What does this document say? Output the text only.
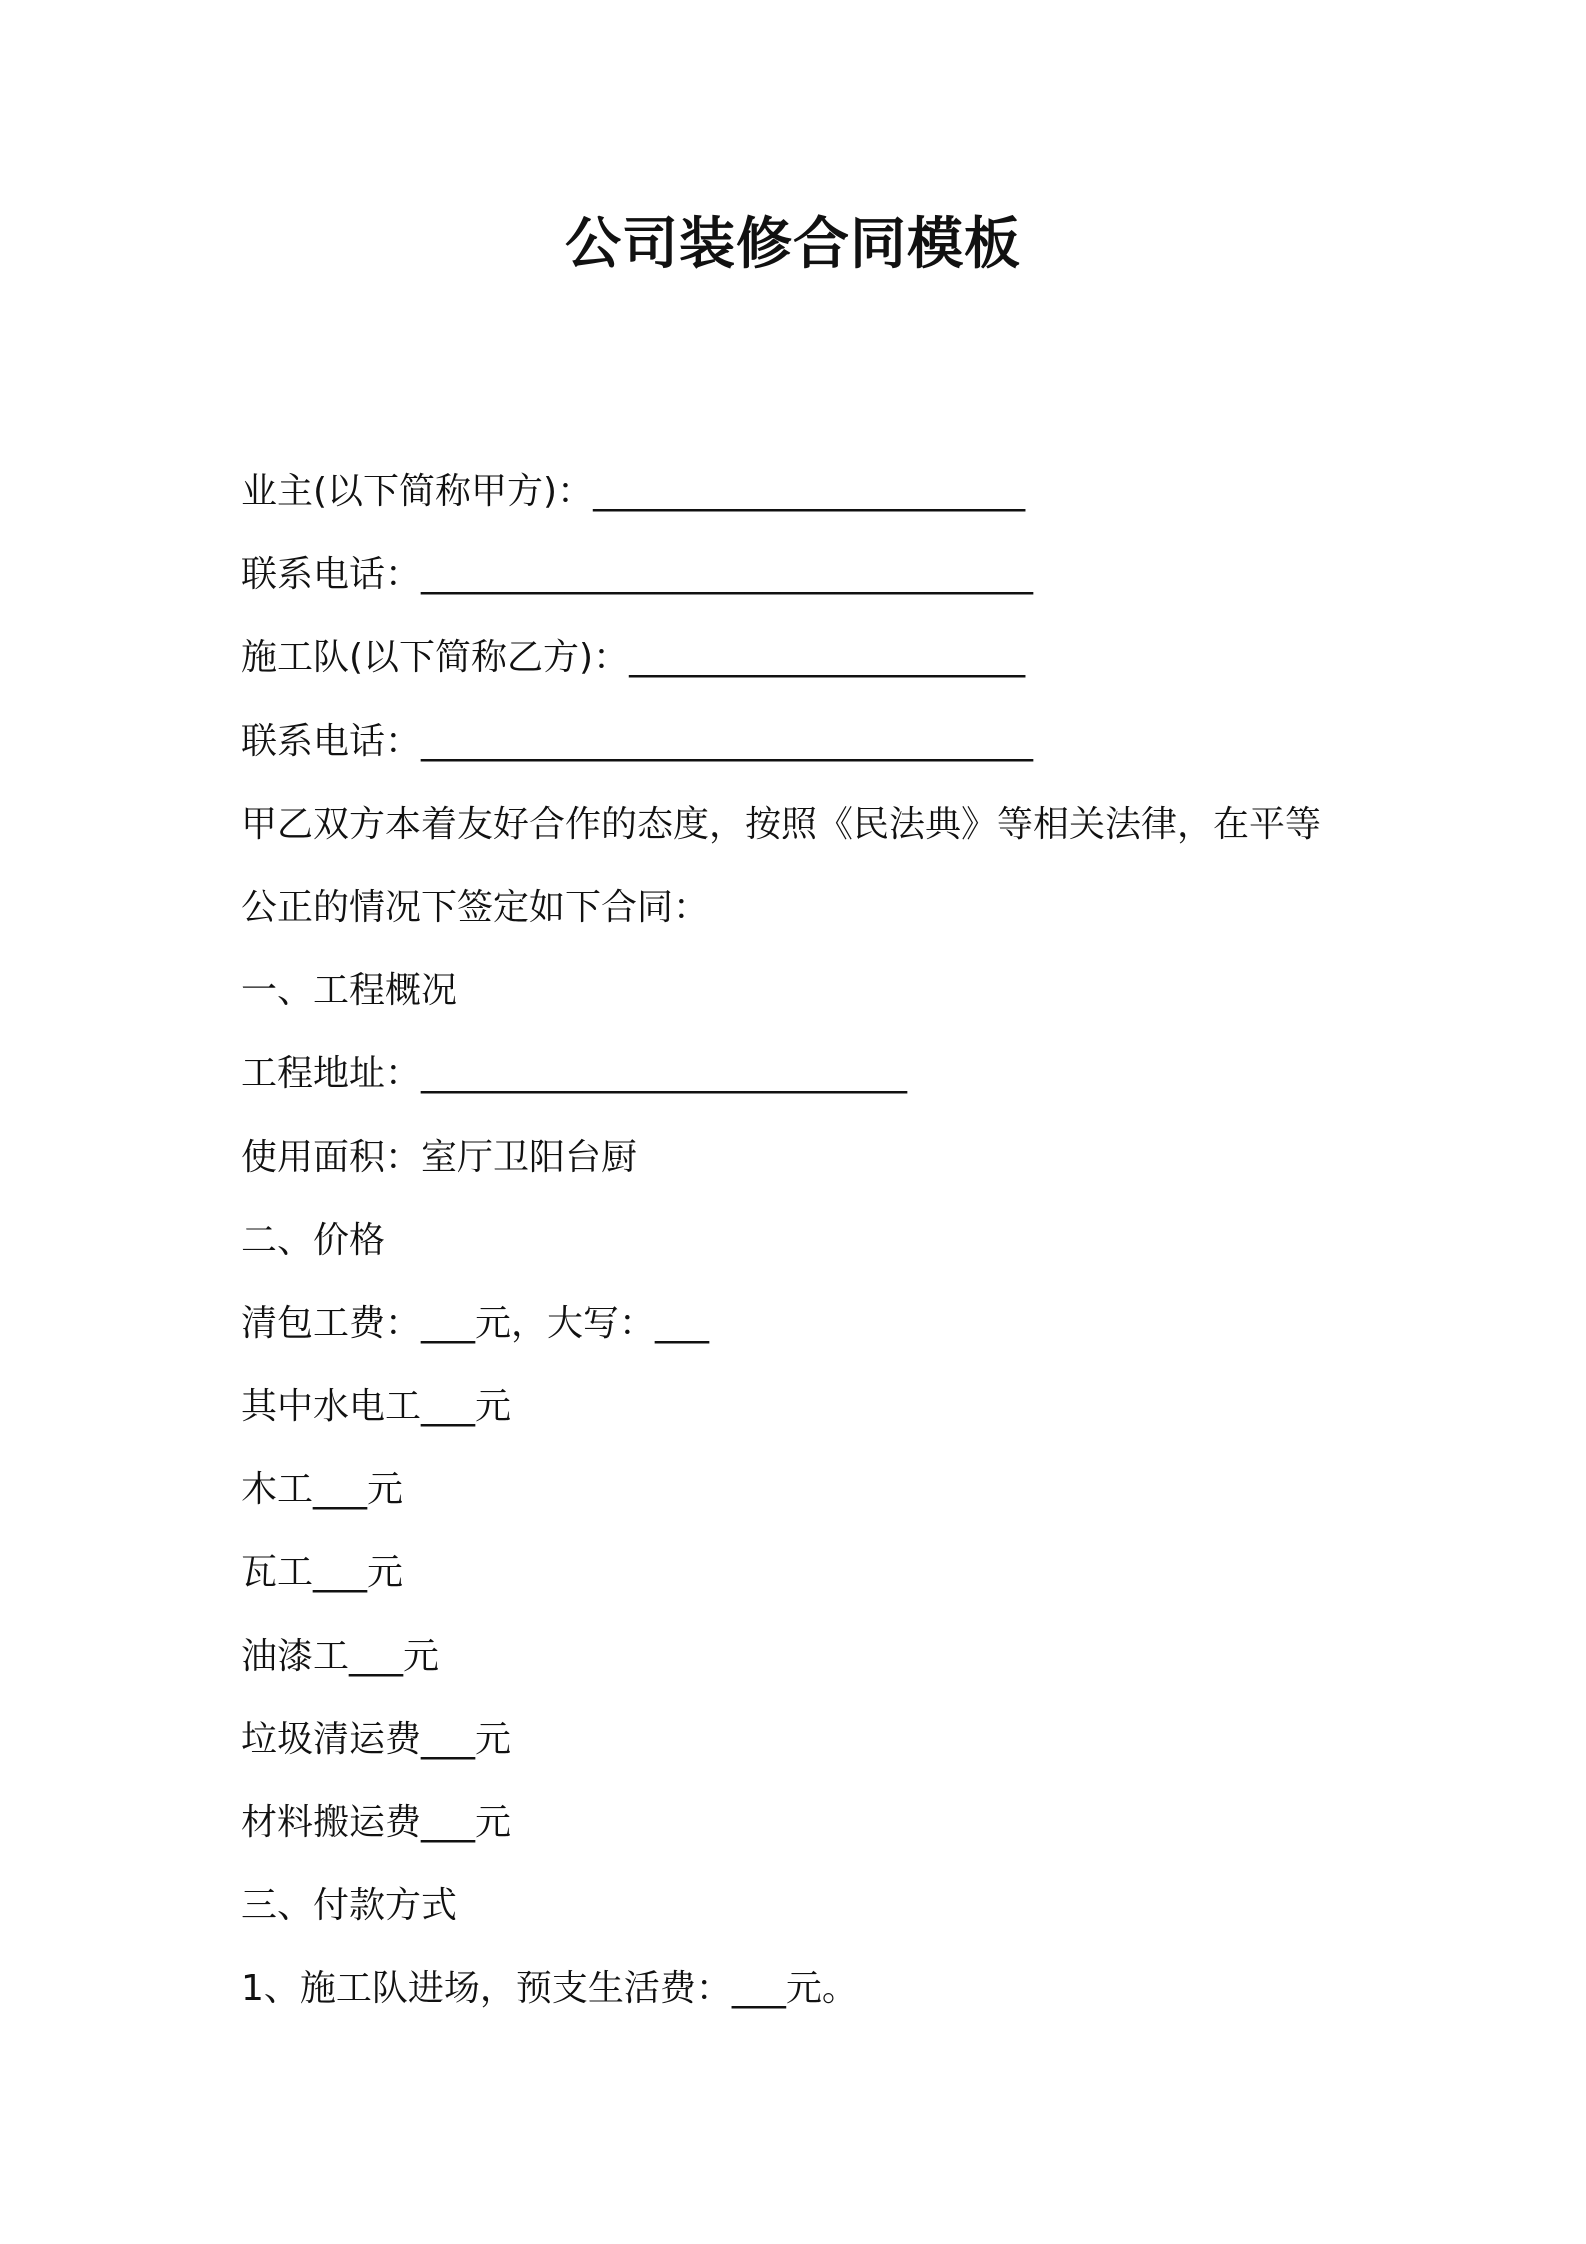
公司装修合同模板

业主(以下简称甲方)：________________________

联系电话：__________________________________

施工队(以下简称乙方)：______________________

联系电话：__________________________________

甲乙双方本着友好合作的态度，按照《民法典》等相关法律，在平等

公正的情况下签定如下合同：

一、工程概况

工程地址：___________________________

使用面积：室厅卫阳台厨

二、价格

清包工费：___元，大写：___

其中水电工___元

木工___元

瓦工___元

油漆工___元

垃圾清运费___元

材料搬运费___元

三、付款方式

1、施工队进场，预支生活费：___元。
